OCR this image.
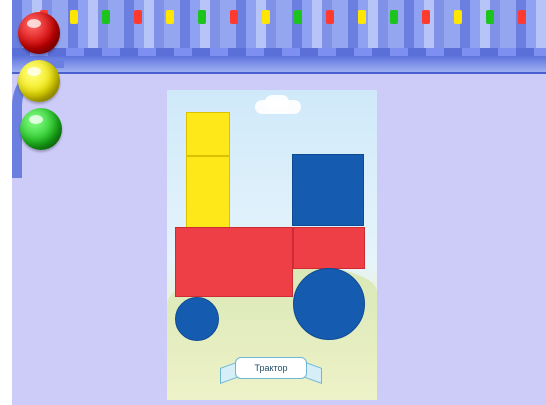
Трактор
